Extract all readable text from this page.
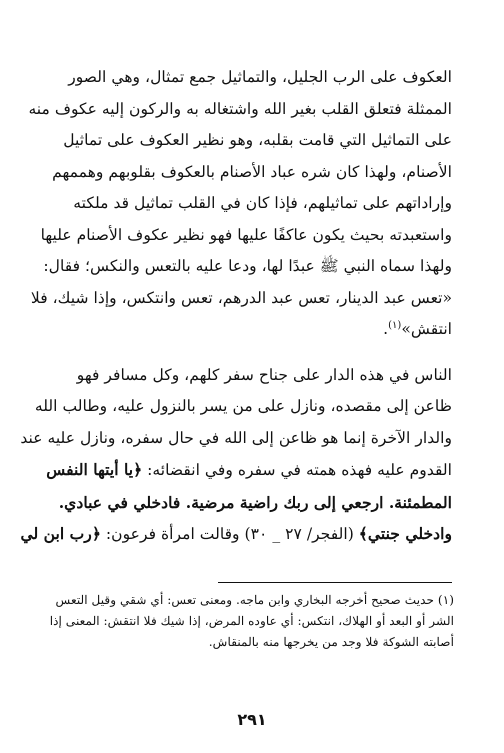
العكوف على الرب الجليل، والتماثيل جمع تمثال، وهي الصور
الممثلة فتعلق القلب بغير الله واشتغاله به والركون إليه عكوف منه
على التماثيل التي قامت بقلبه، وهو نظير العكوف على تماثيل
الأصنام، ولهذا كان شره عباد الأصنام بالعكوف بقلوبهم وهممهم
وإراداتهم على تماثيلهم، فإذا كان في القلب تماثيل قد ملكته
واستعبدته بحيث يكون عاكفًا عليها فهو نظير عكوف الأصنام عليها
ولهذا سماه النبي ﷺ عبدًا لها، ودعا عليه بالتعس والنكس؛ فقال:
«تعس عبد الدينار، تعس عبد الدرهم، تعس وانتكس، وإذا شيك، فلا
انتقش»$^{(١)}$.

الناس في هذه الدار على جناح سفر كلهم، وكل مسافر فهو
ظاعن إلى مقصده، ونازل على من يسر بالنزول عليه، وطالب الله
والدار الآخرة إنما هو ظاعن إلى الله في حال سفره، ونازل عليه عند
القدوم عليه فهذه همته في سفره وفي انقضائه: ﴿يا أيتها النفس
المطمئنة. ارجعي إلى ربك راضية مرضية. فادخلي في عبادي.
وادخلي جنتي﴾ (الفجر/ ٢٧ _ ٣٠) وقالت امرأة فرعون: ﴿رب ابن لي

٢٩١
(١) حديث صحيح أخرجه البخاري وابن ماجه. ومعنى تعس: أي شقي وقيل التعس
الشر أو البعد أو الهلاك، انتكس: أي عاوده المرض، إذا شيك فلا انتقش: المعنى إذا
أصابته الشوكة فلا وجد من يخرجها منه بالمنقاش.
